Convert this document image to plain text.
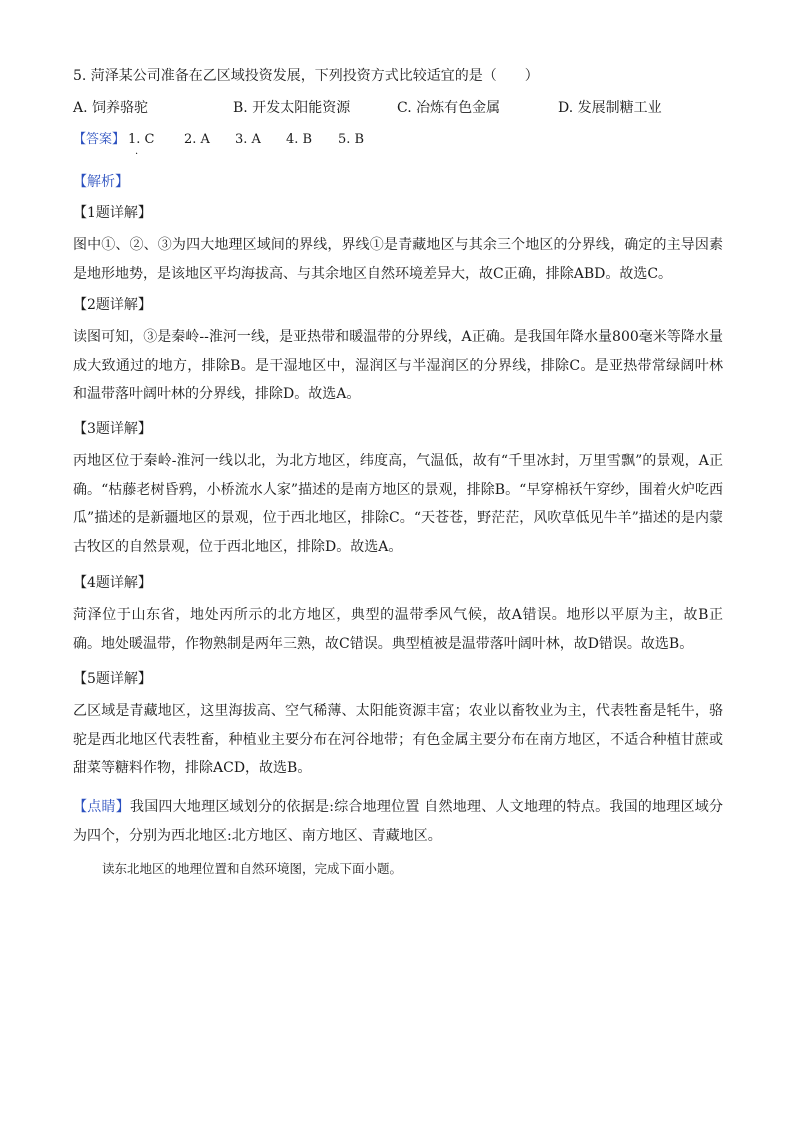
5. 菏泽某公司准备在乙区域投资发展，下列投资方式比较适宜的是（　　）
A. 饲养骆驼	B. 开发太阳能资源	C. 冶炼有色金属	D. 发展制糖工业
【答案】 1. C
·
2. A 3. A 4. B 5. B
【解析】
【1题详解】
图中①、②、③为四大地理区域间的界线，界线①是青藏地区与其余三个地区的分界线，确定的主导因素是地形地势，是该地区平均海拔高、与其余地区自然环境差异大，故C正确，排除ABD。故选C。
【2题详解】
读图可知，③是秦岭--淮河一线，是亚热带和暖温带的分界线，A正确。是我国年降水量800毫米等降水量成大致通过的地方，排除B。是干湿地区中，湿润区与半湿润区的分界线，排除C。是亚热带常绿阔叶林和温带落叶阔叶林的分界线，排除D。故选A。
【3题详解】
丙地区位于秦岭-淮河一线以北，为北方地区，纬度高，气温低，故有“千里冰封，万里雪飘”的景观，A正确。“枯藤老树昏鸦，小桥流水人家”描述的是南方地区的景观，排除B。“早穿棉袄午穿纱，围着火炉吃西瓜”描述的是新疆地区的景观，位于西北地区，排除C。“天苍苍，野茫茫，风吹草低见牛羊”描述的是内蒙古牧区的自然景观，位于西北地区，排除D。故选A。
【4题详解】
菏泽位于山东省，地处丙所示的北方地区，典型的温带季风气候，故A错误。地形以平原为主，故B正确。地处暖温带，作物熟制是两年三熟，故C错误。典型植被是温带落叶阔叶林，故D错误。故选B。
【5题详解】
乙区域是青藏地区，这里海拔高、空气稀薄、太阳能资源丰富；农业以畜牧业为主，代表牲畜是牦牛，骆驼是西北地区代表牲畜，种植业主要分布在河谷地带；有色金属主要分布在南方地区，不适合种植甘蔗或甜菜等糖料作物，排除ACD，故选B。
【点睛】我国四大地理区域划分的依据是:综合地理位置 自然地理、人文地理的特点。我国的地理区域分为四个，分别为西北地区:北方地区、南方地区、青藏地区。
读东北地区的地理位置和自然环境图，完成下面小题。
